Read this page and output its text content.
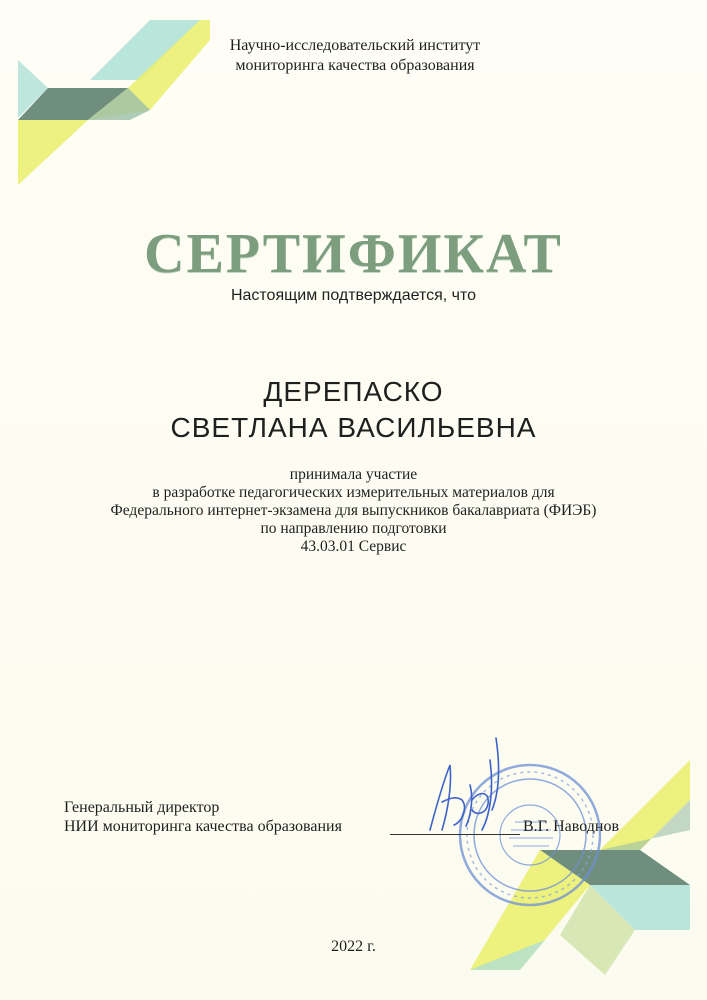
Научно-исследовательский институт
мониторинга качества образования
СЕРТИФИКАТ
Настоящим подтверждается, что
ДЕРЕПАСКО
СВЕТЛАНА ВАСИЛЬЕВНА
принимала участие
в разработке педагогических измерительных материалов для
Федерального интернет-экзамена для выпускников бакалавриата (ФИЭБ)
по направлению подготовки
43.03.01 Сервис
Генеральный директор
НИИ мониторинга качества образования	В.Г. Наводнов
2022 г.
